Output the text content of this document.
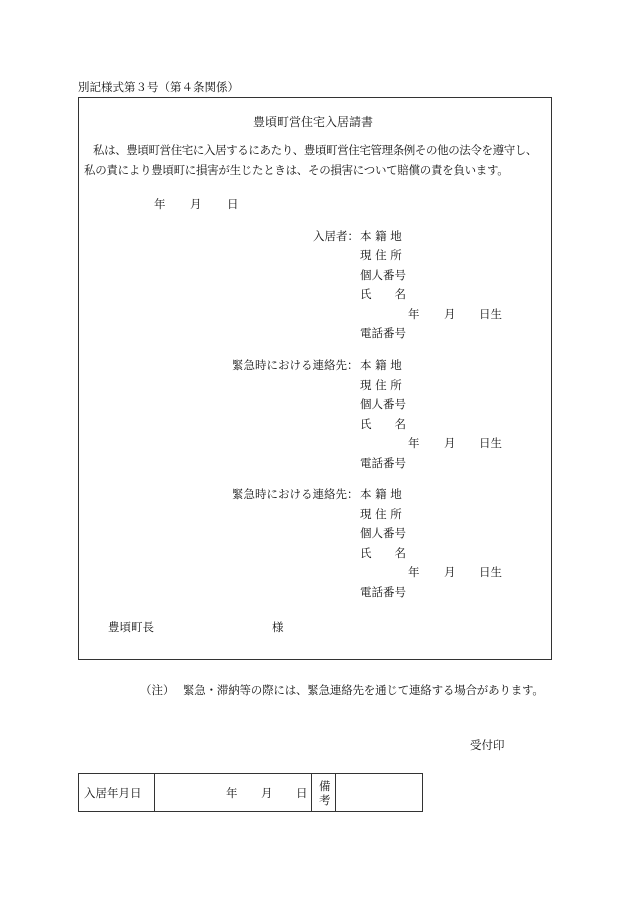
別記様式第３号（第４条関係）
豊頃町営住宅入居請書
私は、豊頃町営住宅に入居するにあたり、豊頃町営住宅管理条例その他の法令を遵守し、
私の責により豊頃町に損害が生じたときは、その損害について賠償の責を負います。
年 月 日
入居者： 本 籍 地
現 住 所
個人番号
氏　　名
年 月 日生
電話番号
緊急時における連絡先： 本 籍 地
現 住 所
個人番号
氏　　名
年 月 日生
電話番号
緊急時における連絡先： 本 籍 地
現 住 所
個人番号
氏　　名
年 月 日生
電話番号
豊頃町長	様
（注） 緊急・滞納等の際には、緊急連絡先を通じて連絡する場合があります。
受付印
入居年月日	年 月 日 備
考
